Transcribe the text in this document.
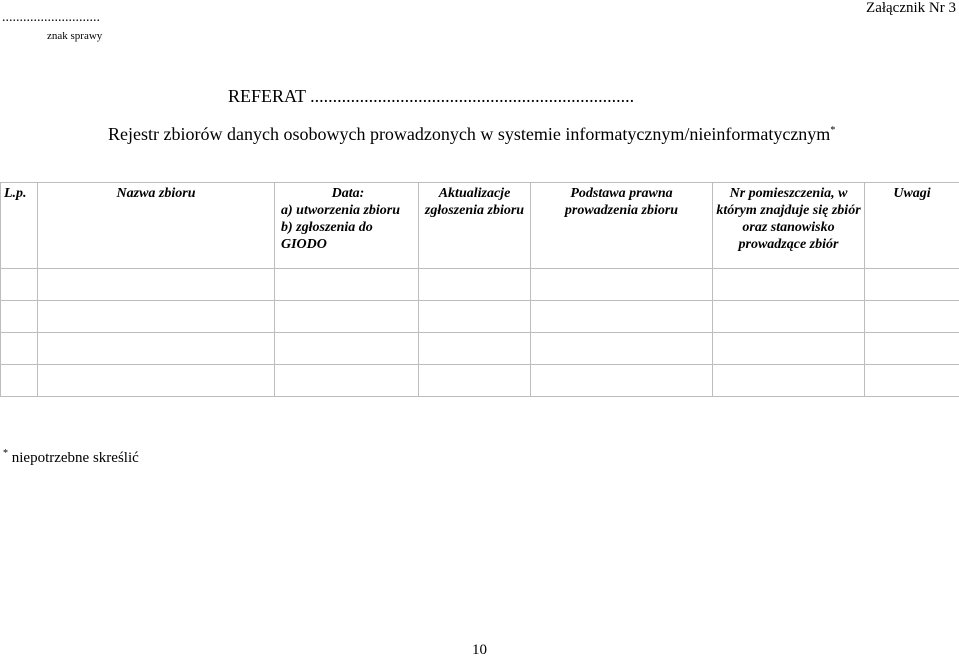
............................
znak sprawy
Załącznik Nr 3
REFERAT ........................................................................
Rejestr zbiorów danych osobowych prowadzonych w systemie informatycznym/nieinformatycznym*
L.p.	Nazwa zbioru	Data:
a) utworzenia zbioru
b) zgłoszenia do GIODO	Aktualizacje zgłoszenia zbioru	Podstawa prawna prowadzenia zbioru	Nr pomieszczenia, w którym znajduje się zbiór oraz stanowisko prowadzące zbiór	Uwagi

* niepotrzebne skreślić
10
